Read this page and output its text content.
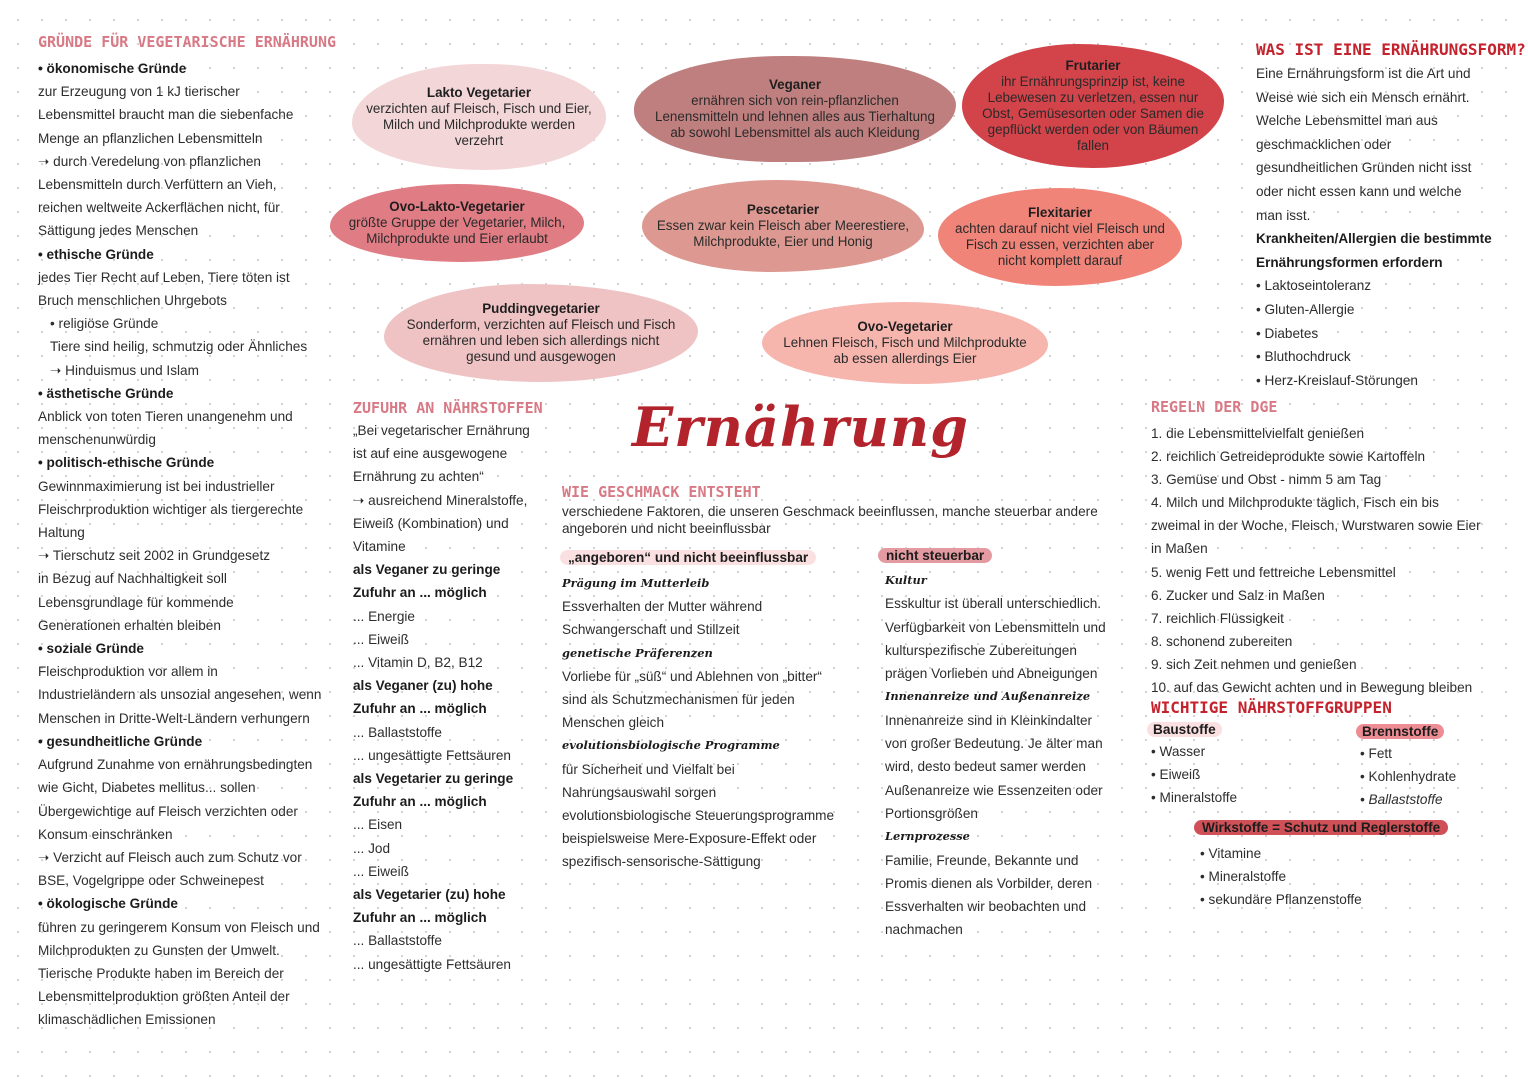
GRÜNDE FÜR VEGETARISCHE ERNÄHRUNG
• ökonomische Gründe
zur Erzeugung von 1 kJ tierischer
Lebensmittel braucht man die siebenfache
Menge an pflanzlichen Lebensmitteln
➝ durch Veredelung von pflanzlichen
Lebensmitteln durch Verfüttern an Vieh,
reichen weltweite Ackerflächen nicht, für
Sättigung jedes Menschen
• ethische Gründe
jedes Tier Recht auf Leben, Tiere töten ist
Bruch menschlichen Uhrgebots
• religiöse Gründe
Tiere sind heilig, schmutzig oder Ähnliches
➝ Hinduismus und Islam
• ästhetische Gründe
Anblick von toten Tieren unangenehm und
menschenunwürdig
• politisch-ethische Gründe
Gewinnmaximierung ist bei industrieller
Fleischrproduktion wichtiger als tiergerechte
Haltung
➝ Tierschutz seit 2002 in Grundgesetz
in Bezug auf Nachhaltigkeit soll
Lebensgrundlage für kommende
Generationen erhalten bleiben
• soziale Gründe
Fleischproduktion vor allem in
Industrieländern als unsozial angesehen, wenn
Menschen in Dritte-Welt-Ländern verhungern
• gesundheitliche Gründe
Aufgrund Zunahme von ernährungsbedingten
wie Gicht, Diabetes mellitus... sollen
Übergewichtige auf Fleisch verzichten oder
Konsum einschränken
➝ Verzicht auf Fleisch auch zum Schutz vor
BSE, Vogelgrippe oder Schweinepest
• ökologische Gründe
führen zu geringerem Konsum von Fleisch und
Milchprodukten zu Gunsten der Umwelt.
Tierische Produkte haben im Bereich der
Lebensmittelproduktion größten Anteil der
klimaschädlichen Emissionen
Lakto Vegetarier
verzichten auf Fleisch, Fisch und Eier,
Milch und Milchprodukte werden
verzehrt
Veganer
ernähren sich von rein-pflanzlichen
Lenensmitteln und lehnen alles aus Tierhaltung
ab sowohl Lebensmittel als auch Kleidung
Frutarier
ihr Ernährungsprinzip ist, keine
Lebewesen zu verletzen, essen nur
Obst, Gemüsesorten oder Samen die
gepflückt werden oder von Bäumen
fallen
Ovo-Lakto-Vegetarier
größte Gruppe der Vegetarier, Milch,
Milchprodukte und Eier erlaubt
Pescetarier
Essen zwar kein Fleisch aber Meerestiere,
Milchprodukte, Eier und Honig
Flexitarier
achten darauf nicht viel Fleisch und
Fisch zu essen, verzichten aber
nicht komplett darauf
Puddingvegetarier
Sonderform, verzichten auf Fleisch und Fisch
ernähren und leben sich allerdings nicht
gesund und ausgewogen
Ovo-Vegetarier
Lehnen Fleisch, Fisch und Milchprodukte
ab essen allerdings Eier
ZUFUHR AN NÄHRSTOFFEN
„Bei vegetarischer Ernährung
ist auf eine ausgewogene
Ernährung zu achten“
➝ ausreichend Mineralstoffe,
Eiweiß (Kombination) und
Vitamine
als Veganer zu geringe
Zufuhr an ... möglich
... Energie
... Eiweiß
... Vitamin D, B2, B12
als Veganer (zu) hohe
Zufuhr an ... möglich
... Ballaststoffe
... ungesättigte Fettsäuren
als Vegetarier zu geringe
Zufuhr an ... möglich
... Eisen
... Jod
... Eiweiß
als Vegetarier (zu) hohe
Zufuhr an ... möglich
... Ballaststoffe
... ungesättigte Fettsäuren
Ernährung
WIE GESCHMACK ENTSTEHT
verschiedene Faktoren, die unseren Geschmack beeinflussen, manche steuerbar andere
angeboren und nicht beeinflussbar
„angeboren“ und nicht beeinflussbar
Prägung im Mutterleib
Essverhalten der Mutter während
Schwangerschaft und Stillzeit
genetische Präferenzen
Vorliebe für „süß“ und Ablehnen von „bitter“
sind als Schutzmechanismen für jeden
Menschen gleich
evolutionsbiologische Programme
für Sicherheit und Vielfalt bei
Nahrungsauswahl sorgen
evolutionsbiologische Steuerungsprogramme
beispielsweise Mere-Exposure-Effekt oder
spezifisch-sensorische-Sättigung
nicht steuerbar
Kultur
Esskultur ist überall unterschiedlich.
Verfügbarkeit von Lebensmitteln und
kulturspezifische Zubereitungen
prägen Vorlieben und Abneigungen
Innenanreize und Außenanreize
Innenanreize sind in Kleinkindalter
von großer Bedeutung. Je älter man
wird, desto bedeut samer werden
Außenanreize wie Essenzeiten oder
Portionsgrößen
Lernprozesse
Familie, Freunde, Bekannte und
Promis dienen als Vorbilder, deren
Essverhalten wir beobachten und
nachmachen
WAS IST EINE ERNÄHRUNGSFORM?
Eine Ernährungsform ist die Art und
Weise wie sich ein Mensch ernährt.
Welche Lebensmittel man aus
geschmacklichen oder
gesundheitlichen Gründen nicht isst
oder nicht essen kann und welche
man isst.
Krankheiten/Allergien die bestimmte
Ernährungsformen erfordern
• Laktoseintoleranz
• Gluten-Allergie
• Diabetes
• Bluthochdruck
• Herz-Kreislauf-Störungen
REGELN DER DGE
1. die Lebensmittelvielfalt genießen
2. reichlich Getreideprodukte sowie Kartoffeln
3. Gemüse und Obst - nimm 5 am Tag
4. Milch und Milchprodukte täglich, Fisch ein bis
zweimal in der Woche, Fleisch, Wurstwaren sowie Eier
in Maßen
5. wenig Fett und fettreiche Lebensmittel
6. Zucker und Salz in Maßen
7. reichlich Flüssigkeit
8. schonend zubereiten
9. sich Zeit nehmen und genießen
10. auf das Gewicht achten und in Bewegung bleiben
WICHTIGE NÄHRSTOFFGRUPPEN
Baustoffe
• Wasser
• Eiweiß
• Mineralstoffe
Brennstoffe
• Fett
• Kohlenhydrate
• Ballaststoffe
Wirkstoffe = Schutz und Reglerstoffe
• Vitamine
• Mineralstoffe
• sekundäre Pflanzenstoffe
